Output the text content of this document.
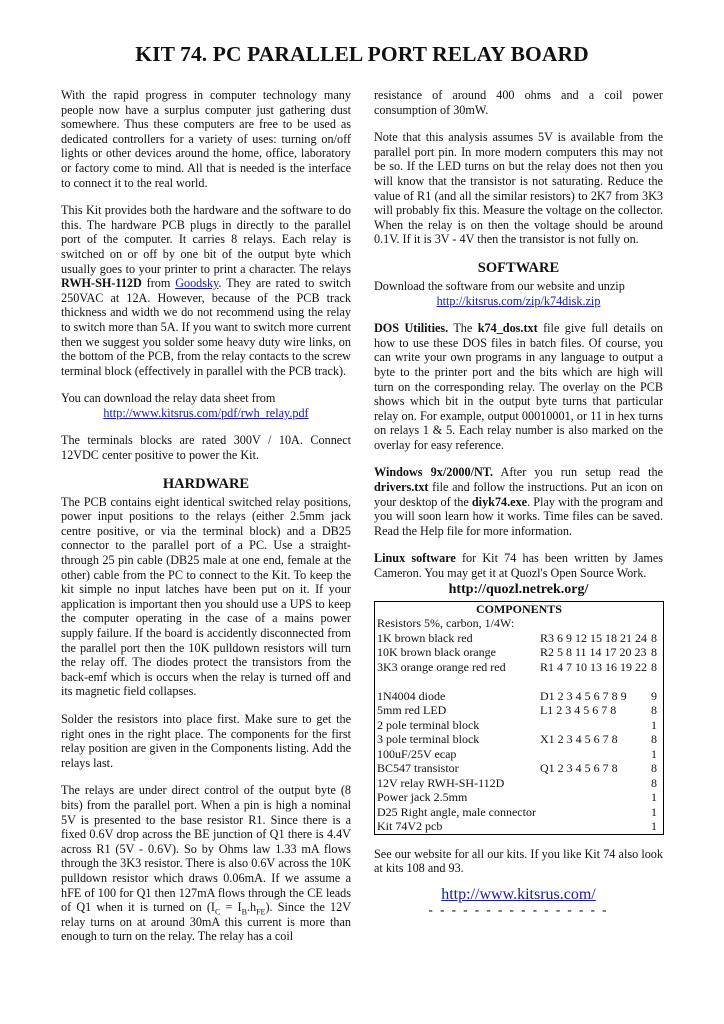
KIT 74. PC PARALLEL PORT RELAY BOARD

With the rapid progress in computer technology many people now have a surplus computer just gathering dust somewhere. Thus these computers are free to be used as dedicated controllers for a variety of uses: turning on/off lights or other devices around the home, office, laboratory or factory come to mind. All that is needed is the interface to connect it to the real world.

This Kit provides both the hardware and the software to do this. The hardware PCB plugs in directly to the parallel port of the computer. It carries 8 relays. Each relay is switched on or off by one bit of the output byte which usually goes to your printer to print a character. The relays RWH-SH-112D from Goodsky. They are rated to switch 250VAC at 12A. However, because of the PCB track thickness and width we do not recommend using the relay to switch more than 5A. If you want to switch more current then we suggest you solder some heavy duty wire links, on the bottom of the PCB, from the relay contacts to the screw terminal block (effectively in parallel with the PCB track).

You can download the relay data sheet from

http://www.kitsrus.com/pdf/rwh_relay.pdf

The terminals blocks are rated 300V / 10A. Connect 12VDC center positive to power the Kit.

HARDWARE

The PCB contains eight identical switched relay positions, power input positions to the relays (either 2.5mm jack centre positive, or via the terminal block) and a DB25 connector to the parallel port of a PC. Use a straight-through 25 pin cable (DB25 male at one end, female at the other) cable from the PC to connect to the Kit. To keep the kit simple no input latches have been put on it. If your application is important then you should use a UPS to keep the computer operating in the case of a mains power supply failure. If the board is accidently disconnected from the parallel port then the 10K pulldown resistors will turn the relay off. The diodes protect the transistors from the back-emf which is occurs when the relay is turned off and its magnetic field collapses.

Solder the resistors into place first. Make sure to get the right ones in the right place. The components for the first relay position are given in the Components listing. Add the relays last.

The relays are under direct control of the output byte (8 bits) from the parallel port. When a pin is high a nominal 5V is presented to the base resistor R1. Since there is a fixed 0.6V drop across the BE junction of Q1 there is 4.4V across R1 (5V - 0.6V). So by Ohms law 1.33 mA flows through the 3K3 resistor. There is also 0.6V across the 10K pulldown resistor which draws 0.06mA. If we assume a hFE of 100 for Q1 then 127mA flows through the CE leads of Q1 when it is turned on $(I_C = I_B.h_{FE})$. Since the 12V relay turns on at around 30mA this current is more than enough to turn on the relay. The relay has a coil

resistance of around 400 ohms and a coil power consumption of 30mW.

Note that this analysis assumes 5V is available from the parallel port pin. In more modern computers this may not be so. If the LED turns on but the relay does not then you will know that the transistor is not saturating. Reduce the value of R1 (and all the similar resistors) to 2K7 from 3K3 will probably fix this. Measure the voltage on the collector. When the relay is on then the voltage should be around 0.1V. If it is 3V - 4V then the transistor is not fully on.

SOFTWARE

Download the software from our website and unzip

http://kitsrus.com/zip/k74disk.zip

DOS Utilities. The k74_dos.txt file give full details on how to use these DOS files in batch files. Of course, you can write your own programs in any language to output a byte to the printer port and the bits which are high will turn on the corresponding relay. The overlay on the PCB shows which bit in the output byte turns that particular relay on. For example, output 00010001, or 11 in hex turns on relays 1 & 5. Each relay number is also marked on the overlay for easy reference.

Windows 9x/2000/NT. After you run setup read the drivers.txt file and follow the instructions. Put an icon on your desktop of the diyk74.exe. Play with the program and you will soon learn how it works. Time files can be saved. Read the Help file for more information.

Linux software for Kit 74 has been written by James Cameron. You may get it at Quozl's Open Source Work.

http://quozl.netrek.org/
COMPONENTS		
Resistors 5%, carbon, 1/4W:		
1K brown black red	R3 6 9 12 15 18 21 24	8
10K brown black orange	R2 5 8 11 14 17 20 23	8
3K3 orange orange red red	R1 4 7 10 13 16 19 22	8

1N4004 diode	D1 2 3 4 5 6 7 8 9	9
5mm red LED	L1 2 3 4 5 6 7 8	8
2 pole terminal block		1
3 pole terminal block	X1 2 3 4 5 6 7 8	8
100uF/25V ecap		1
BC547 transistor	Q1 2 3 4 5 6 7 8	8
12V relay RWH-SH-112D		8
Power jack 2.5mm		1
D25 Right angle, male connector		1
Kit 74V2 pcb		1

See our website for all our kits. If you like Kit 74 also look at kits 108 and 93.

http://www.kitsrus.com/
- - - - - - - - - - - - - - - -
